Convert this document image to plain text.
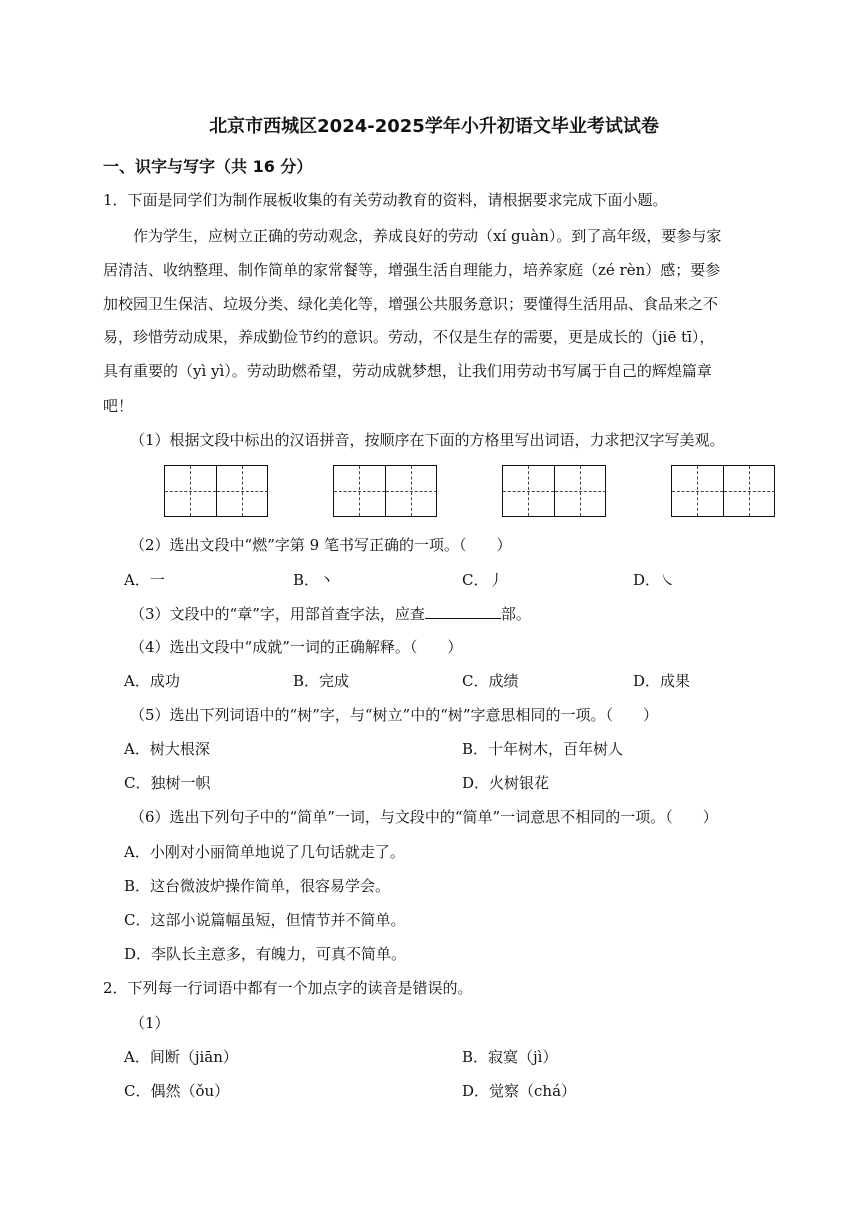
北京市西城区2024-2025学年小升初语文毕业考试试卷
一、识字与写字（共 16 分）
1．下面是同学们为制作展板收集的有关劳动教育的资料，请根据要求完成下面小题。
作为学生，应树立正确的劳动观念，养成良好的劳动（xí guàn）。到了高年级，要参与家
居清洁、收纳整理、制作简单的家常餐等，增强生活自理能力，培养家庭（zé rèn）感；要参
加校园卫生保洁、垃圾分类、绿化美化等，增强公共服务意识；要懂得生活用品、食品来之不
易，珍惜劳动成果，养成勤俭节约的意识。劳动，不仅是生存的需要，更是成长的（jiē tī），
具有重要的（yì yì）。劳动助燃希望，劳动成就梦想，让我们用劳动书写属于自己的辉煌篇章
吧！
（1）根据文段中标出的汉语拼音，按顺序在下面的方格里写出词语，力求把汉字写美观。
（2）选出文段中“燃”字第 9 笔书写正确的一项。（　　）
A．一	B．丶	C．丿	D．㇏
（3）文段中的“章”字，用部首查字法，应查	部。
（4）选出文段中“成就”一词的正确解释。（　　）
A．成功	B．完成	C．成绩	D．成果
（5）选出下列词语中的“树”字，与“树立”中的“树”字意思相同的一项。（　　）
A．树大根深	B．十年树木，百年树人
C．独树一帜	D．火树银花
（6）选出下列句子中的“简单”一词，与文段中的“简单”一词意思不相同的一项。（　　）
A．小刚对小丽简单地说了几句话就走了。
B．这台微波炉操作简单，很容易学会。
C．这部小说篇幅虽短，但情节并不简单。
D．李队长主意多，有魄力，可真不简单。
2．下列每一行词语中都有一个加点字的读音是错误的。
（1）
A．间断（jiān）	B．寂寞（jì）
C．偶然（ǒu）	D．觉察（chá）
